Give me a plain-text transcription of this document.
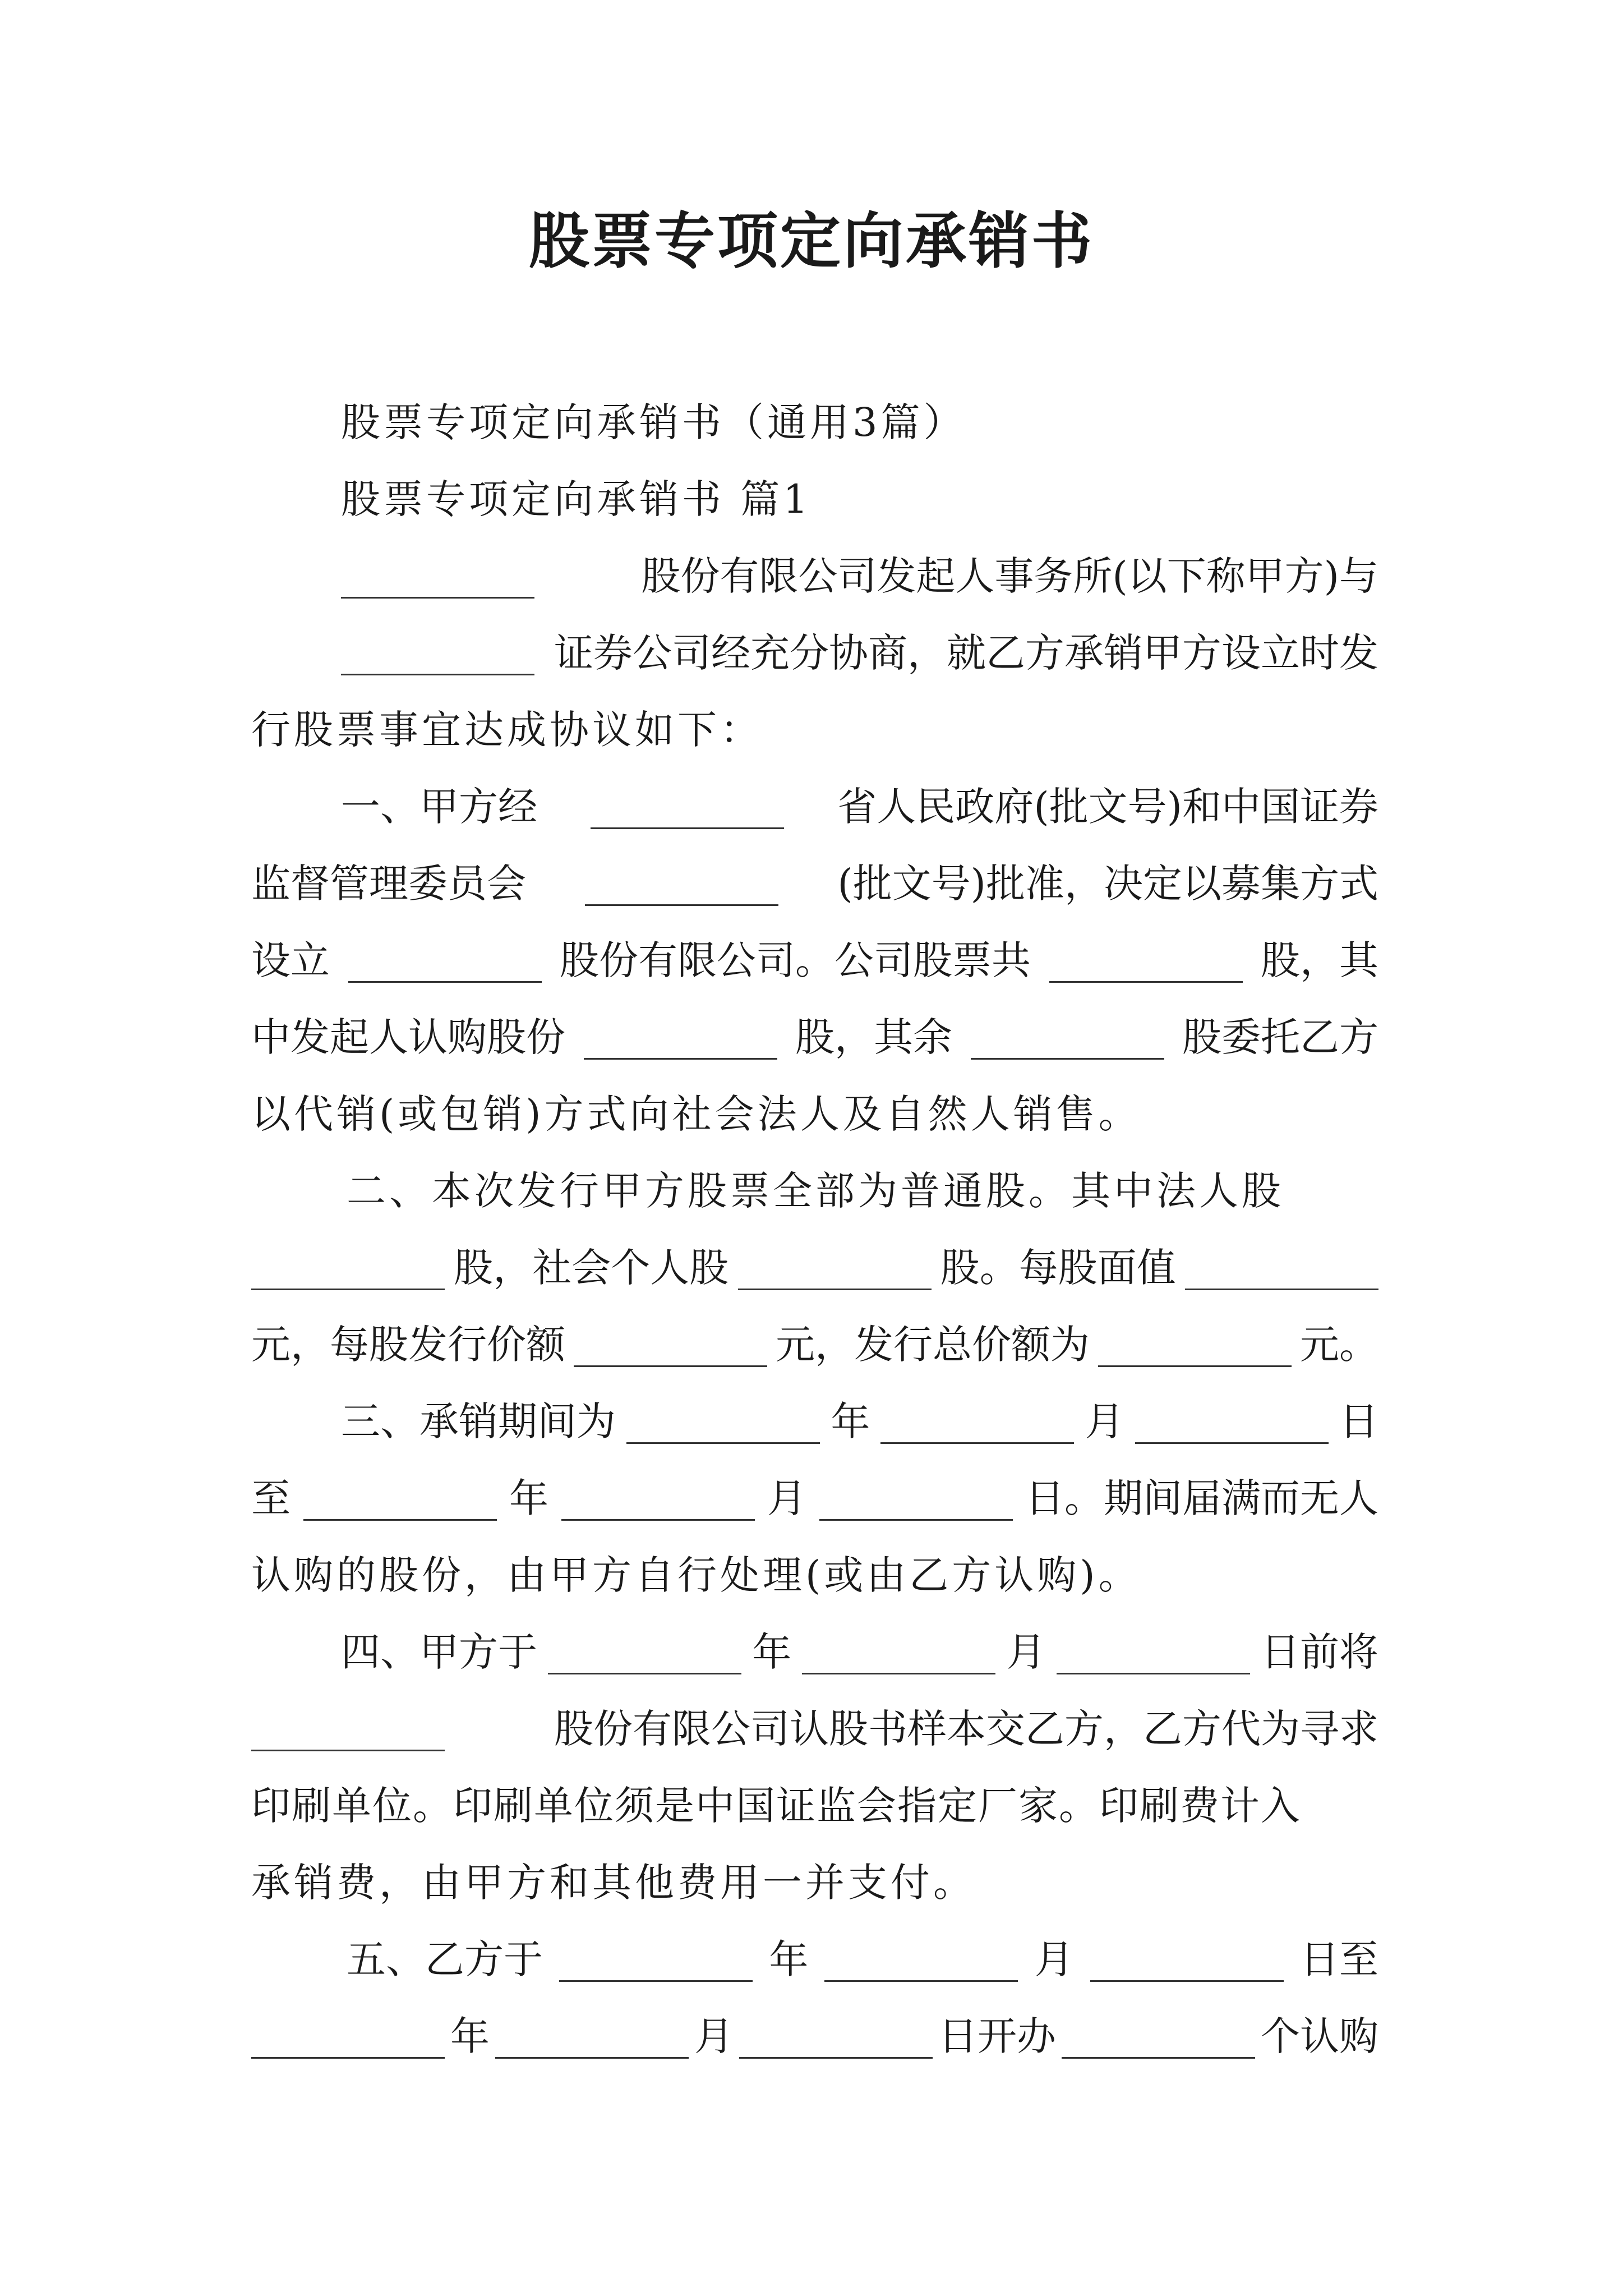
股票专项定向承销书
股票专项定向承销书（通用3篇）
股票专项定向承销书 篇1
股份有限公司发起人事务所(以下称甲方)与
证券公司经充分协商，就乙方承销甲方设立时发
行股票事宜达成协议如下：
一、甲方经	省人民政府(批文号)和中国证券
监督管理委员会	(批文号)批准，决定以募集方式
设立	股份有限公司。公司股票共	股，其
中发起人认购股份	股，其余	股委托乙方
以代销(或包销)方式向社会法人及自然人销售。
二、本次发行甲方股票全部为普通股。其中法人股
股，社会个人股	股。每股面值
元，每股发行价额	元，发行总价额为	元。
三、承销期间为	年	月	日
至	年	月	日。期间届满而无人
认购的股份，由甲方自行处理(或由乙方认购)。
四、甲方于	年	月	日前将
股份有限公司认股书样本交乙方，乙方代为寻求
印刷单位。印刷单位须是中国证监会指定厂家。印刷费计入
承销费，由甲方和其他费用一并支付。
五、乙方于	年	月	日至
年	月	日开办	个认购
